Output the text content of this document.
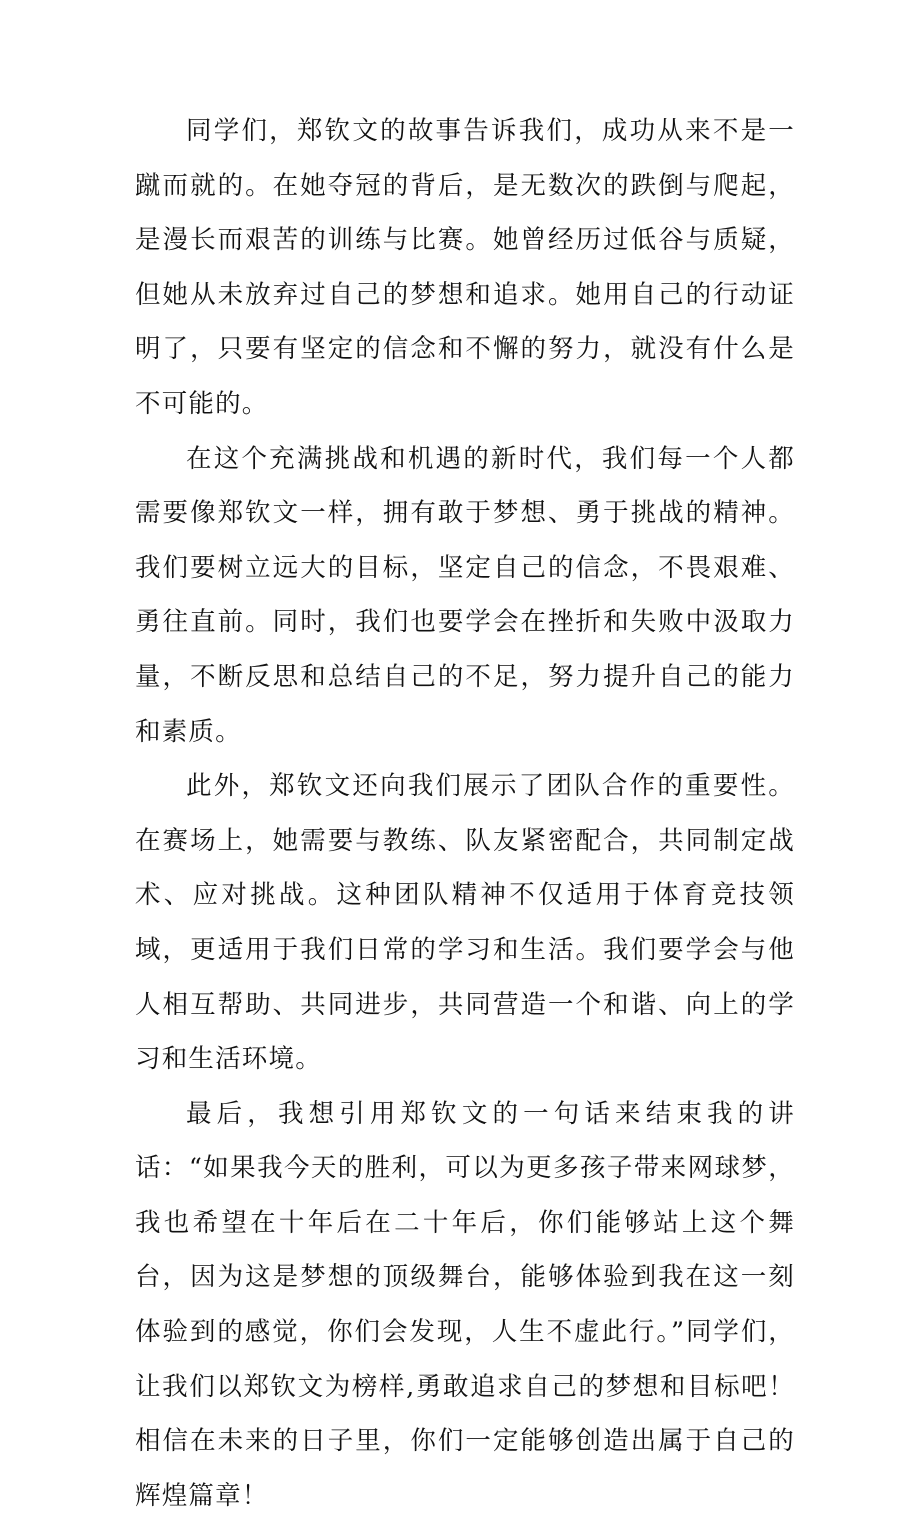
同学们，郑钦文的故事告诉我们，成功从来不是一蹴而就的。在她夺冠的背后，是无数次的跌倒与爬起，是漫长而艰苦的训练与比赛。她曾经历过低谷与质疑，但她从未放弃过自己的梦想和追求。她用自己的行动证明了，只要有坚定的信念和不懈的努力，就没有什么是不可能的。

在这个充满挑战和机遇的新时代，我们每一个人都需要像郑钦文一样，拥有敢于梦想、勇于挑战的精神。我们要树立远大的目标，坚定自己的信念，不畏艰难、勇往直前。同时，我们也要学会在挫折和失败中汲取力量，不断反思和总结自己的不足，努力提升自己的能力和素质。

此外，郑钦文还向我们展示了团队合作的重要性。在赛场上，她需要与教练、队友紧密配合，共同制定战术、应对挑战。这种团队精神不仅适用于体育竞技领域，更适用于我们日常的学习和生活。我们要学会与他人相互帮助、共同进步，共同营造一个和谐、向上的学习和生活环境。

最后，我想引用郑钦文的一句话来结束我的讲话：“如果我今天的胜利，可以为更多孩子带来网球梦，我也希望在十年后在二十年后，你们能够站上这个舞台，因为这是梦想的顶级舞台，能够体验到我在这一刻体验到的感觉，你们会发现，人生不虚此行。”同学们，让我们以郑钦文为榜样,勇敢追求自己的梦想和目标吧！相信在未来的日子里，你们一定能够创造出属于自己的辉煌篇章！
